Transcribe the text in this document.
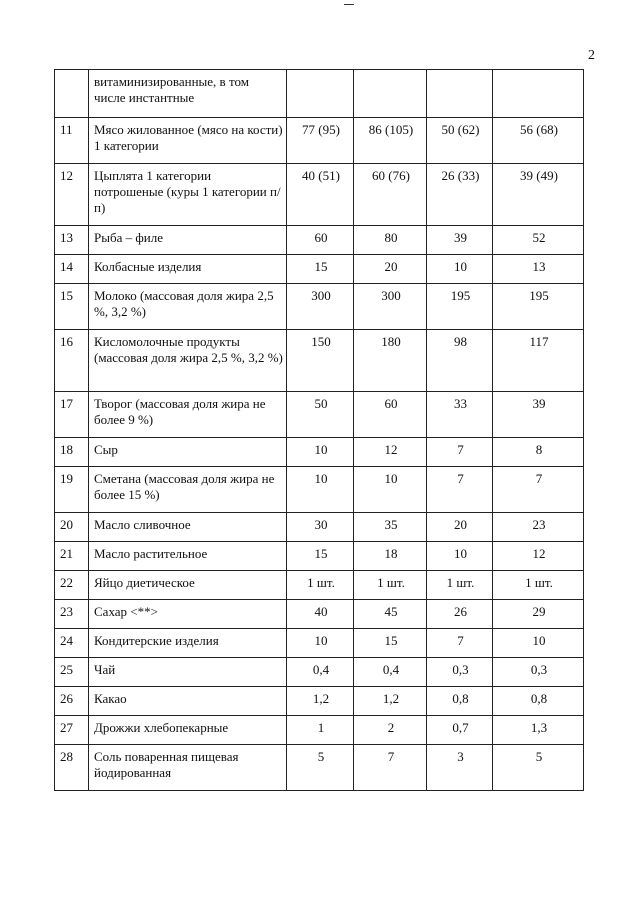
2
	витаминизированные, в том числе инстантные				
11	Мясо жилованное (мясо на кости) 1 категории	77 (95)	86 (105)	50 (62)	56 (68)
12	Цыплята 1 категории потрошеные (куры 1 категории п/п)	40 (51)	60 (76)	26 (33)	39 (49)
13	Рыба – филе	60	80	39	52
14	Колбасные изделия	15	20	10	13
15	Молоко (массовая доля жира 2,5 %, 3,2 %)	300	300	195	195
16	Кисломолочные продукты (массовая доля жира 2,5 %, 3,2 %)	150	180	98	117
17	Творог (массовая доля жира не более 9 %)	50	60	33	39
18	Сыр	10	12	7	8
19	Сметана (массовая доля жира не более 15 %)	10	10	7	7
20	Масло сливочное	30	35	20	23
21	Масло растительное	15	18	10	12
22	Яйцо диетическое	1 шт.	1 шт.	1 шт.	1 шт.
23	Сахар <**>	40	45	26	29
24	Кондитерские изделия	10	15	7	10
25	Чай	0,4	0,4	0,3	0,3
26	Какао	1,2	1,2	0,8	0,8
27	Дрожжи хлебопекарные	1	2	0,7	1,3
28	Соль поваренная пищевая йодированная	5	7	3	5
